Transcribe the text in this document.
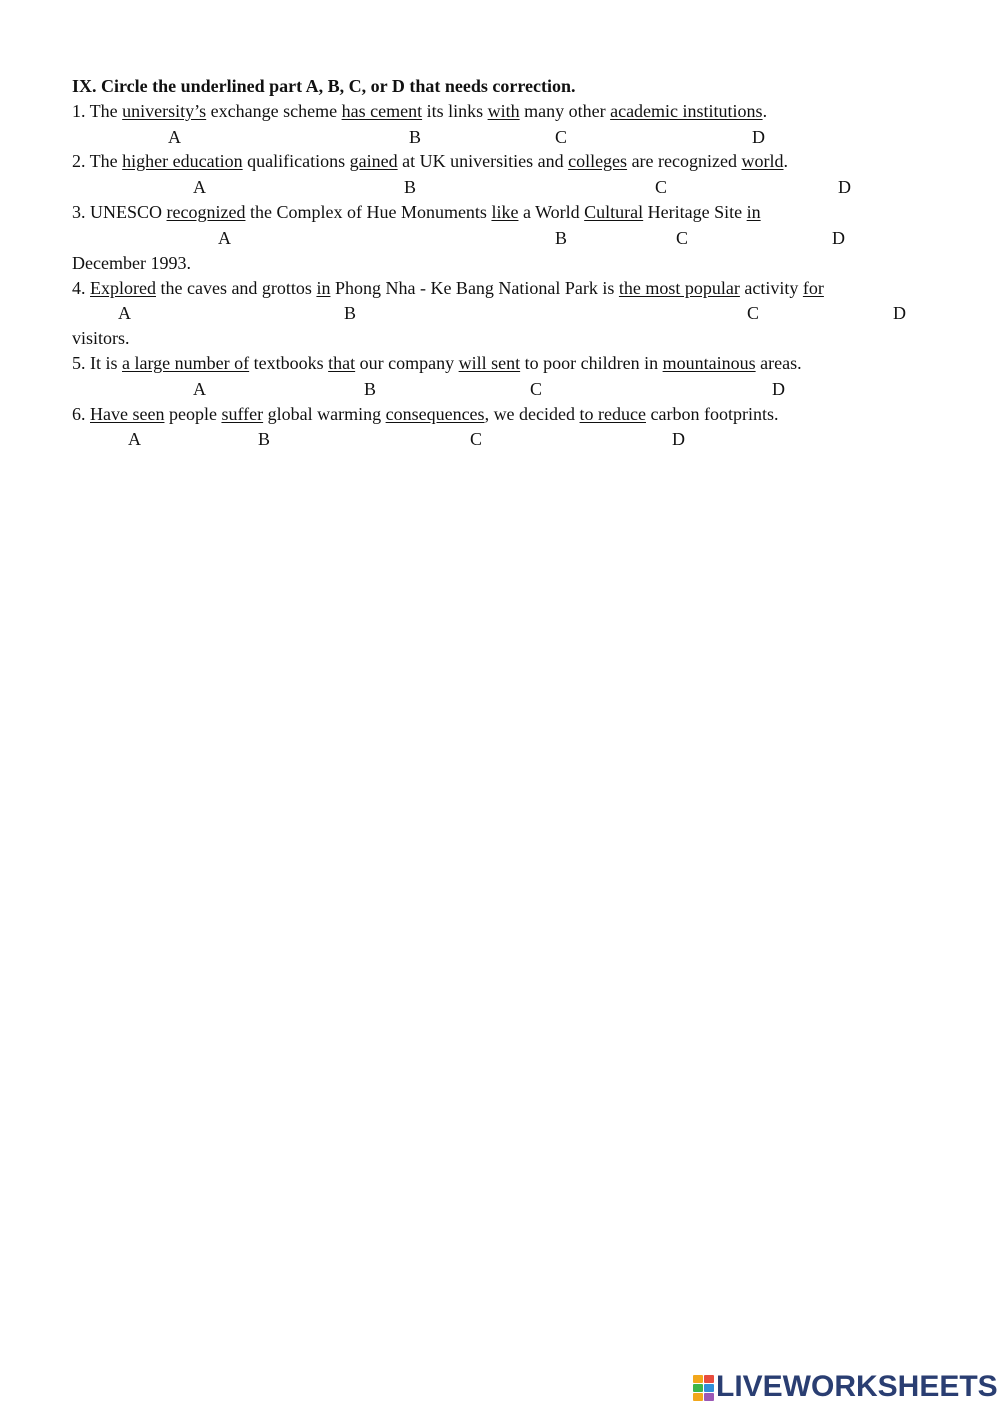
IX. Circle the underlined part A, B, C, or D that needs correction.
1. The university’s exchange scheme has cement its links with many other academic institutions.
A	B	C	D
2. The higher education qualifications gained at UK universities and colleges are recognized world.
A	B	C	D
3. UNESCO recognized the Complex of Hue Monuments like a World Cultural Heritage Site in
A	B	C	D
December 1993.
4. Explored the caves and grottos in Phong Nha - Ke Bang National Park is the most popular activity for
A	B	C	D
visitors.
5. It is a large number of textbooks that our company will sent to poor children in mountainous areas.
A	B	C	D
6. Have seen people suffer global warming consequences, we decided to reduce carbon footprints.
A	B	C	D
LIVEWORKSHEETS
